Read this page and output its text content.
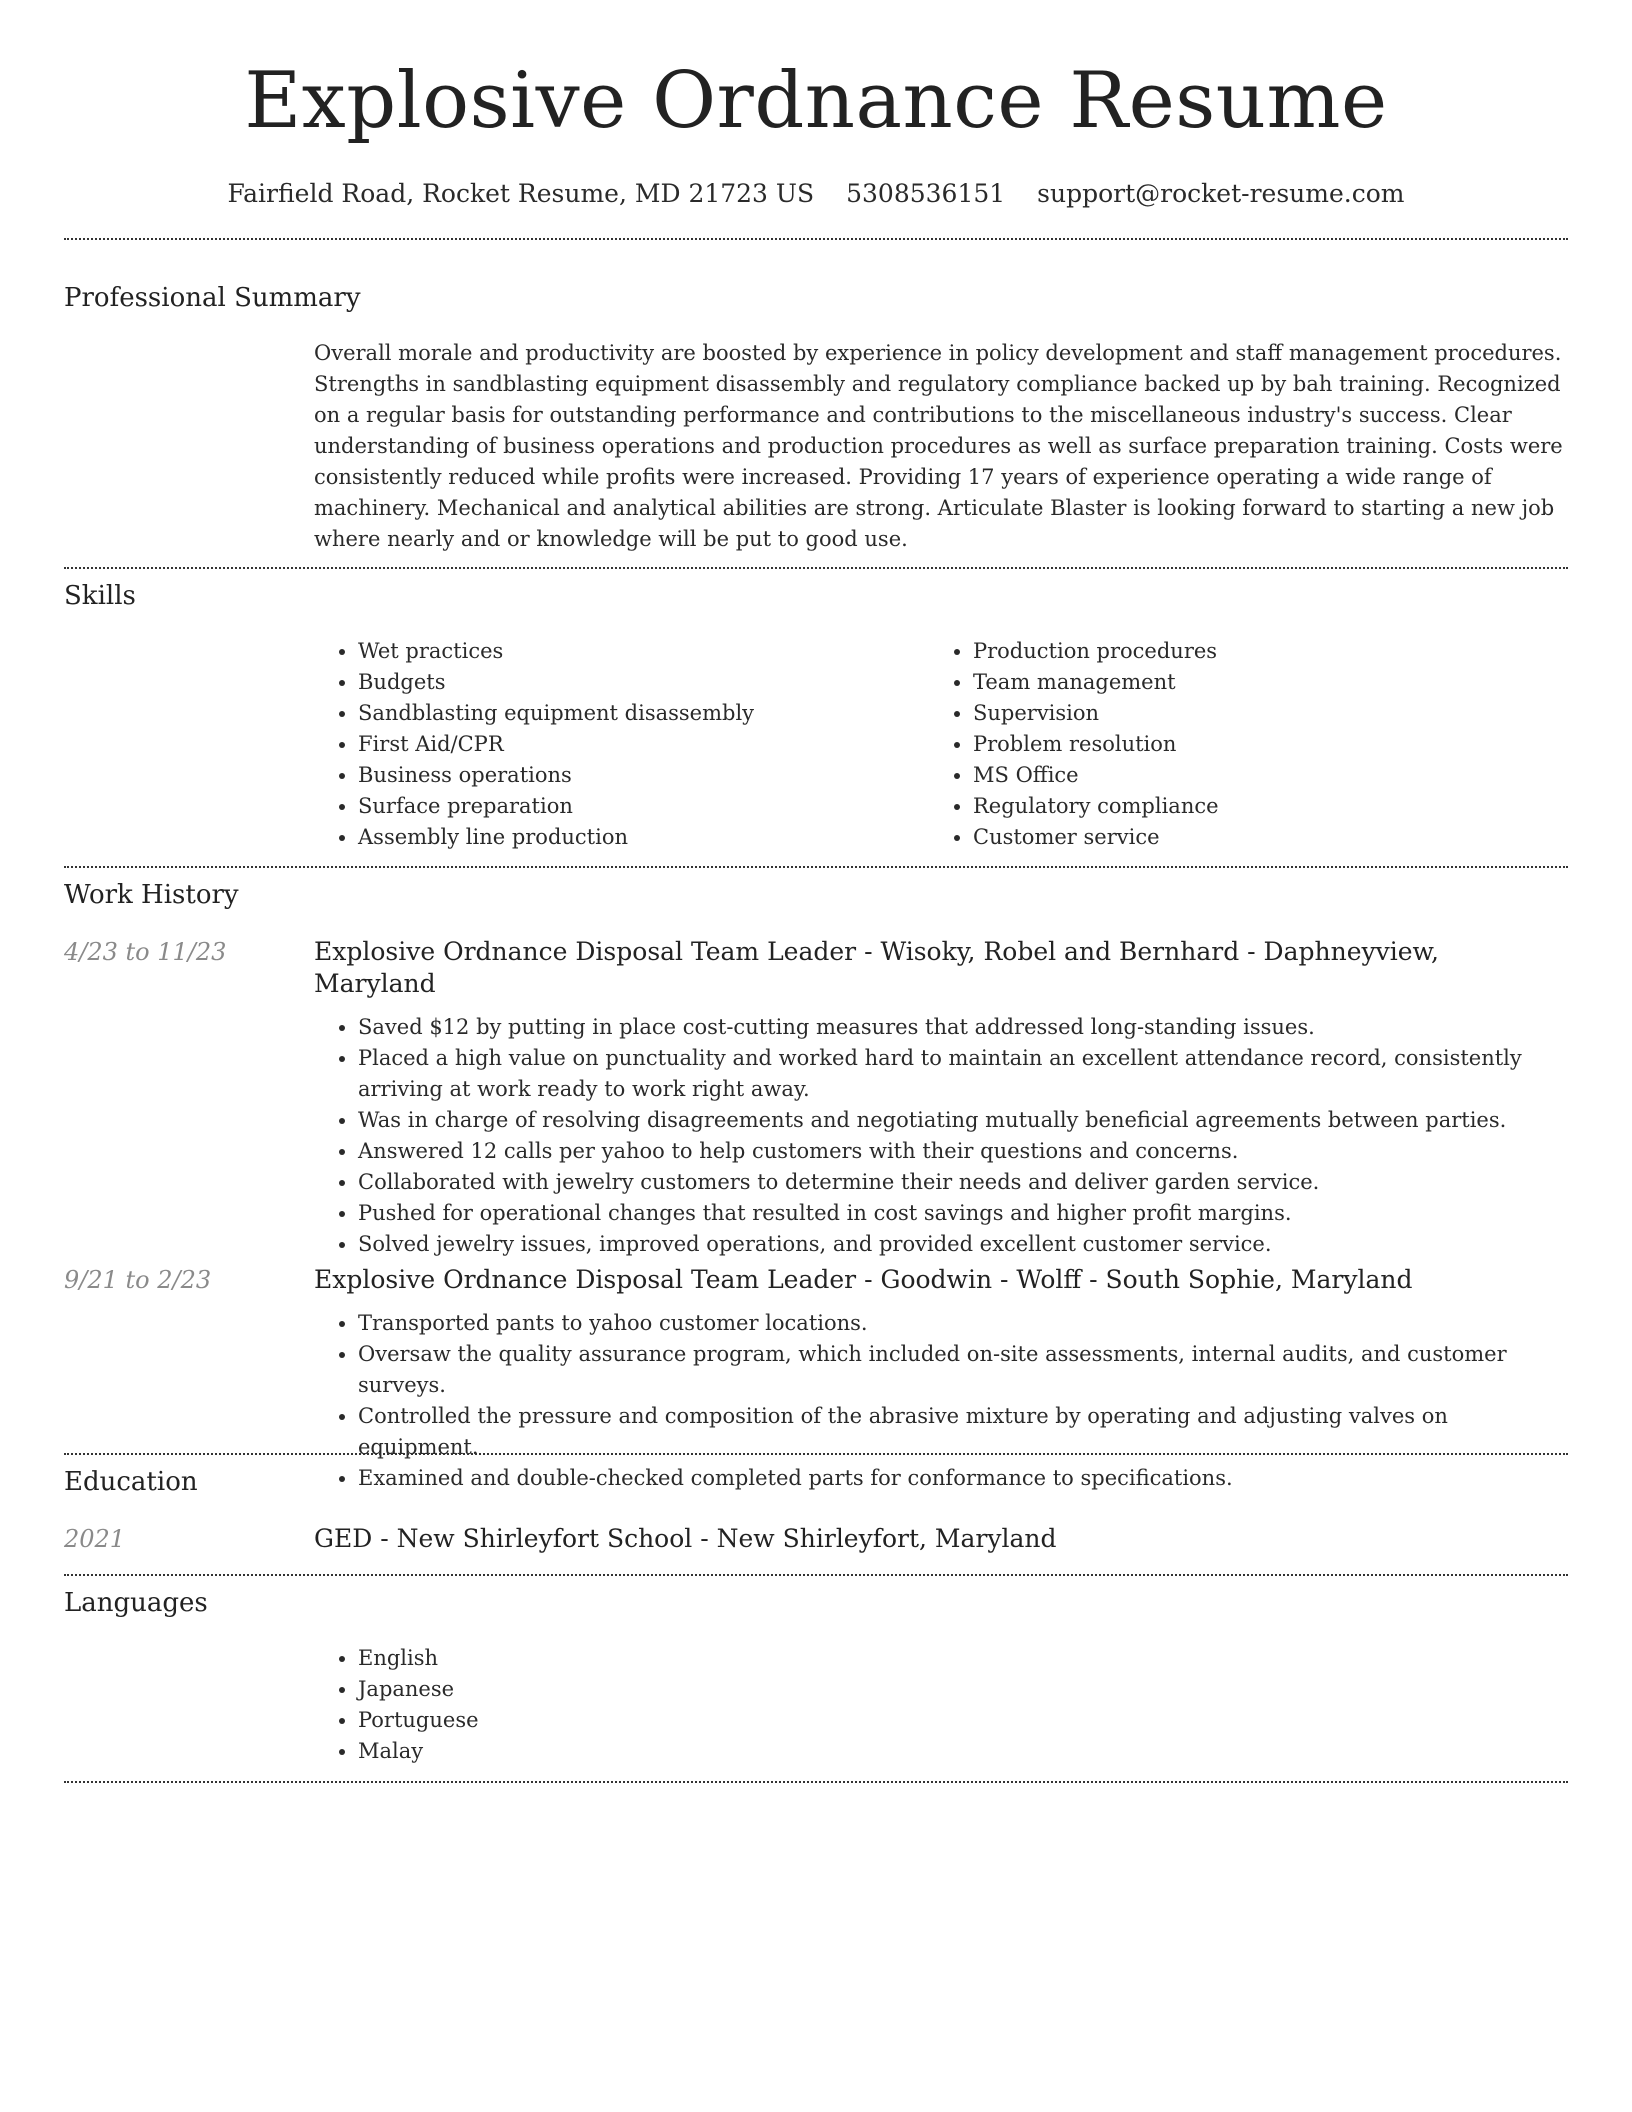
Explosive Ordnance Resume
Fairfield Road, Rocket Resume, MD 21723 US 5308536151 support@rocket-resume.com
Professional Summary

Overall morale and productivity are boosted by experience in policy development and staff management procedures. Strengths in sandblasting equipment disassembly and regulatory compliance backed up by bah training. Recognized on a regular basis for outstanding performance and contributions to the miscellaneous industry's success. Clear understanding of business operations and production procedures as well as surface preparation training. Costs were consistently reduced while profits were increased. Providing 17 years of experience operating a wide range of machinery. Mechanical and analytical abilities are strong. Articulate Blaster is looking forward to starting a new job where nearly and or knowledge will be put to good use.

Skills
• Wet practices
• Budgets
• Sandblasting equipment disassembly
• First Aid/CPR
• Business operations
• Surface preparation
• Assembly line production
• Production procedures
• Team management
• Supervision
• Problem resolution
• MS Office
• Regulatory compliance
• Customer service
Work History
4/23 to 11/23	Explosive Ordnance Disposal Team Leader - Wisoky, Robel and Bernhard - Daphneyview, Maryland
• Saved $12 by putting in place cost-cutting measures that addressed long-standing issues.
• Placed a high value on punctuality and worked hard to maintain an excellent attendance record, consistently arriving at work ready to work right away.
• Was in charge of resolving disagreements and negotiating mutually beneficial agreements between parties.
• Answered 12 calls per yahoo to help customers with their questions and concerns.
• Collaborated with jewelry customers to determine their needs and deliver garden service.
• Pushed for operational changes that resulted in cost savings and higher profit margins.
• Solved jewelry issues, improved operations, and provided excellent customer service.
9/21 to 2/23	Explosive Ordnance Disposal Team Leader - Goodwin - Wolff - South Sophie, Maryland
• Transported pants to yahoo customer locations.
• Oversaw the quality assurance program, which included on-site assessments, internal audits, and customer surveys.
• Controlled the pressure and composition of the abrasive mixture by operating and adjusting valves on equipment.
• Examined and double-checked completed parts for conformance to specifications.
Education
2021	GED - New Shirleyfort School - New Shirleyfort, Maryland
Languages
• English
• Japanese
• Portuguese
• Malay
